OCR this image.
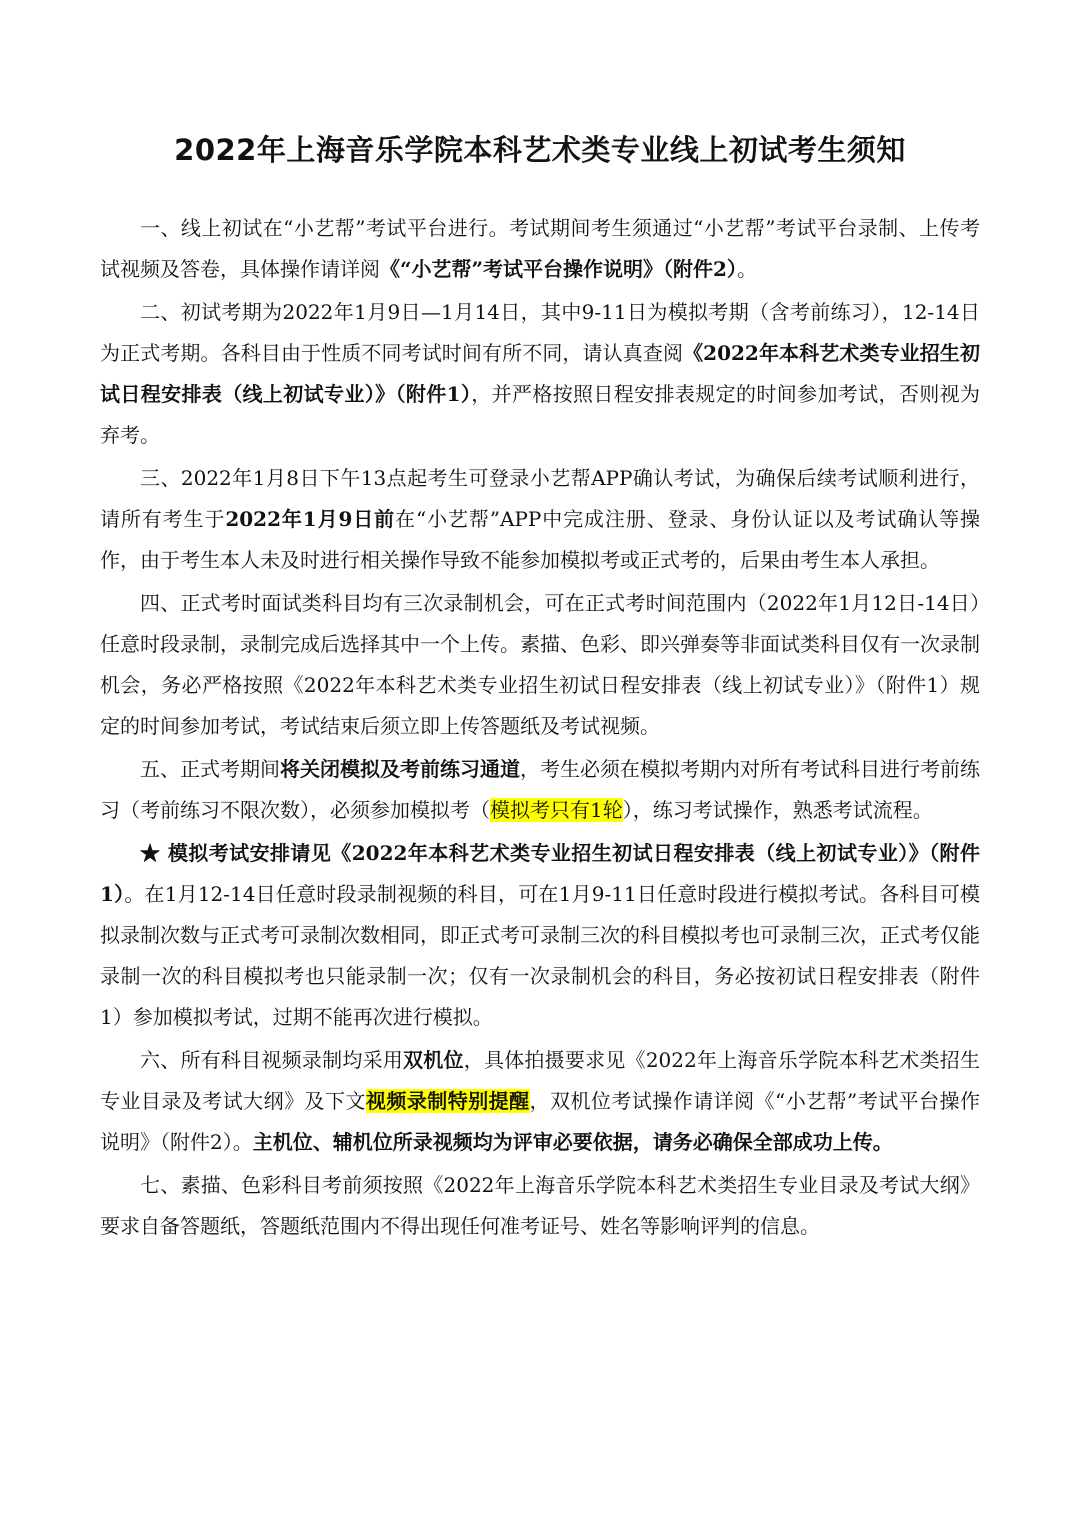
2022年上海音乐学院本科艺术类专业线上初试考生须知

一、线上初试在“小艺帮”考试平台进行。考试期间考生须通过“小艺帮”考试平台录制、上传考试视频及答卷，具体操作请详阅《“小艺帮”考试平台操作说明》（附件2）。

二、初试考期为2022年1月9日—1月14日，其中9-11日为模拟考期（含考前练习），12-14日为正式考期。各科目由于性质不同考试时间有所不同，请认真查阅《2022年本科艺术类专业招生初试日程安排表（线上初试专业）》（附件1），并严格按照日程安排表规定的时间参加考试，否则视为弃考。

三、2022年1月8日下午13点起考生可登录小艺帮APP确认考试，为确保后续考试顺利进行，请所有考生于2022年1月9日前在“小艺帮”APP中完成注册、登录、身份认证以及考试确认等操作，由于考生本人未及时进行相关操作导致不能参加模拟考或正式考的，后果由考生本人承担。

四、正式考时面试类科目均有三次录制机会，可在正式考时间范围内（2022年1月12日-14日）任意时段录制，录制完成后选择其中一个上传。素描、色彩、即兴弹奏等非面试类科目仅有一次录制机会，务必严格按照《2022年本科艺术类专业招生初试日程安排表（线上初试专业）》（附件1）规定的时间参加考试，考试结束后须立即上传答题纸及考试视频。

五、正式考期间将关闭模拟及考前练习通道，考生必须在模拟考期内对所有考试科目进行考前练习（考前练习不限次数），必须参加模拟考（模拟考只有1轮），练习考试操作，熟悉考试流程。

★ 模拟考试安排请见《2022年本科艺术类专业招生初试日程安排表（线上初试专业）》（附件1）。在1月12-14日任意时段录制视频的科目，可在1月9-11日任意时段进行模拟考试。各科目可模拟录制次数与正式考可录制次数相同，即正式考可录制三次的科目模拟考也可录制三次，正式考仅能录制一次的科目模拟考也只能录制一次；仅有一次录制机会的科目，务必按初试日程安排表（附件1）参加模拟考试，过期不能再次进行模拟。

六、所有科目视频录制均采用双机位，具体拍摄要求见《2022年上海音乐学院本科艺术类招生专业目录及考试大纲》及下文视频录制特别提醒，双机位考试操作请详阅《“小艺帮”考试平台操作说明》（附件2）。主机位、辅机位所录视频均为评审必要依据，请务必确保全部成功上传。

七、素描、色彩科目考前须按照《2022年上海音乐学院本科艺术类招生专业目录及考试大纲》要求自备答题纸，答题纸范围内不得出现任何准考证号、姓名等影响评判的信息。
